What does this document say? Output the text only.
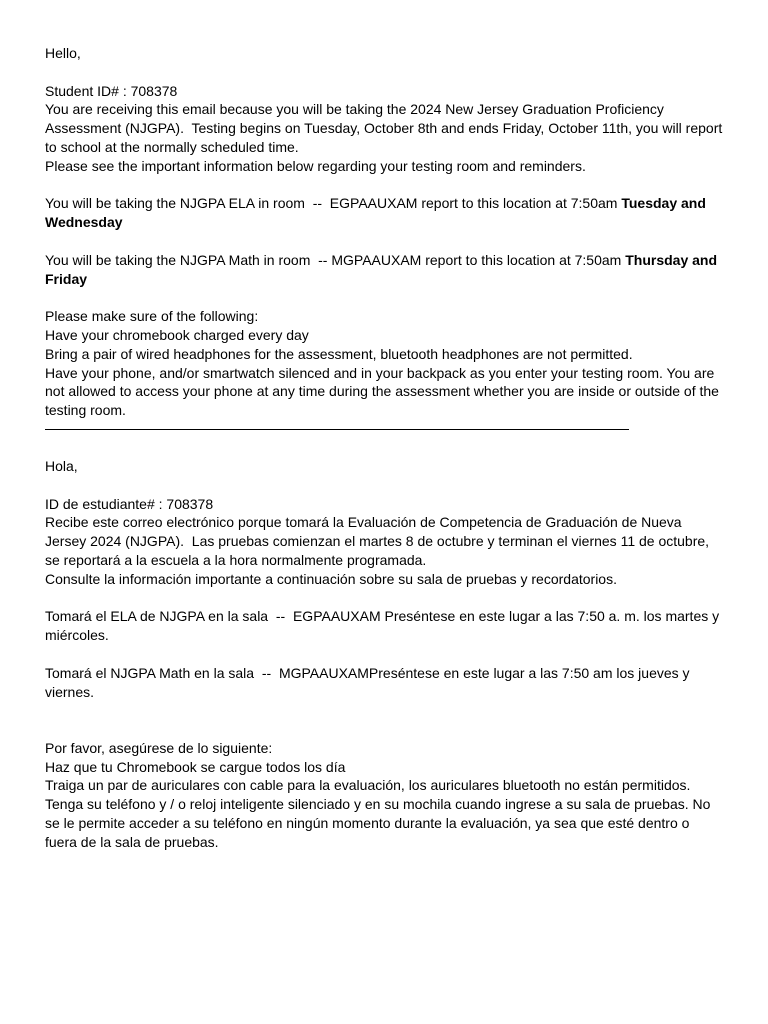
Hello,

Student ID# : 708378

You are receiving this email because you will be taking the 2024 New Jersey Graduation Proficiency Assessment (NJGPA).  Testing begins on Tuesday, October 8th and ends Friday, October 11th, you will report to school at the normally scheduled time.

Please see the important information below regarding your testing room and reminders.

You will be taking the NJGPA ELA in room  --  EGPAAUXAM report to this location at 7:50am Tuesday and Wednesday

You will be taking the NJGPA Math in room  -- MGPAAUXAM report to this location at 7:50am Thursday and Friday

Please make sure of the following:

Have your chromebook charged every day
Bring a pair of wired headphones for the assessment, bluetooth headphones are not permitted.
Have your phone, and/or smartwatch silenced and in your backpack as you enter your testing room. You are not allowed to access your phone at any time during the assessment whether you are inside or outside of the testing room.

Hola,

ID de estudiante# : 708378

Recibe este correo electrónico porque tomará la Evaluación de Competencia de Graduación de Nueva Jersey 2024 (NJGPA).  Las pruebas comienzan el martes 8 de octubre y terminan el viernes 11 de octubre, se reportará a la escuela a la hora normalmente programada.

Consulte la información importante a continuación sobre su sala de pruebas y recordatorios.

Tomará el ELA de NJGPA en la sala  --  EGPAAUXAM Preséntese en este lugar a las 7:50 a. m. los martes y miércoles.

Tomará el NJGPA Math en la sala  --  MGPAAUXAMPreséntese en este lugar a las 7:50 am los jueves y viernes.

Por favor, asegúrese de lo siguiente:

Haz que tu Chromebook se cargue todos los día
Traiga un par de auriculares con cable para la evaluación, los auriculares bluetooth no están permitidos.
Tenga su teléfono y / o reloj inteligente silenciado y en su mochila cuando ingrese a su sala de pruebas. No se le permite acceder a su teléfono en ningún momento durante la evaluación, ya sea que esté dentro o fuera de la sala de pruebas.
